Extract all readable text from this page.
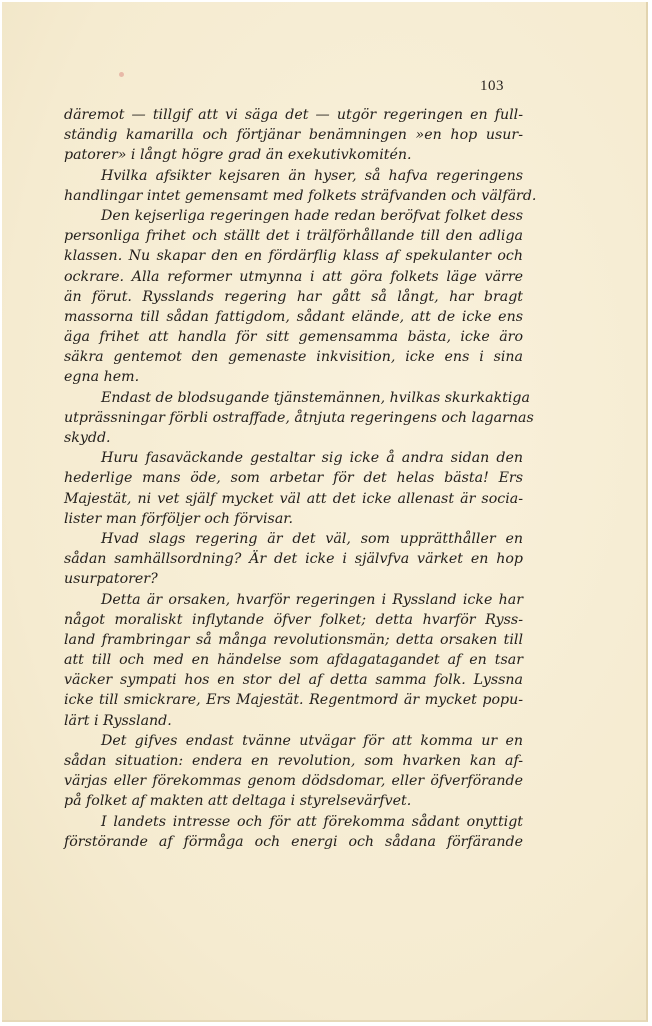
103
däremot — tillgif att vi säga det — utgör regeringen en full-
ständig kamarilla och förtjänar benämningen »en hop usur-
patorer» i långt högre grad än exekutivkomitén.
Hvilka afsikter kejsaren än hyser, så hafva regeringens
handlingar intet gemensamt med folkets sträfvanden och välfärd.
Den kejserliga regeringen hade redan beröfvat folket dess
personliga frihet och ställt det i trälförhållande till den adliga
klassen. Nu skapar den en fördärflig klass af spekulanter och
ockrare. Alla reformer utmynna i att göra folkets läge värre
än förut. Rysslands regering har gått så långt, har bragt
massorna till sådan fattigdom, sådant elände, att de icke ens
äga frihet att handla för sitt gemensamma bästa, icke äro
säkra gentemot den gemenaste inkvisition, icke ens i sina
egna hem.
Endast de blodsugande tjänstemännen, hvilkas skurkaktiga
utprässningar förbli ostraffade, åtnjuta regeringens och lagarnas
skydd.
Huru fasaväckande gestaltar sig icke å andra sidan den
hederlige mans öde, som arbetar för det helas bästa! Ers
Majestät, ni vet själf mycket väl att det icke allenast är socia-
lister man förföljer och förvisar.
Hvad slags regering är det väl, som upprätthåller en
sådan samhällsordning? Är det icke i självfva värket en hop
usurpatorer?
Detta är orsaken, hvarför regeringen i Ryssland icke har
något moraliskt inflytande öfver folket; detta hvarför Ryss-
land frambringar så många revolutionsmän; detta orsaken till
att till och med en händelse som afdagatagandet af en tsar
väcker sympati hos en stor del af detta samma folk. Lyssna
icke till smickrare, Ers Majestät. Regentmord är mycket popu-
lärt i Ryssland.
Det gifves endast tvänne utvägar för att komma ur en
sådan situation: endera en revolution, som hvarken kan af-
värjas eller förekommas genom dödsdomar, eller öfverförande
på folket af makten att deltaga i styrelsevärfvet.
I landets intresse och för att förekomma sådant onyttigt
förstörande af förmåga och energi och sådana förfärande
